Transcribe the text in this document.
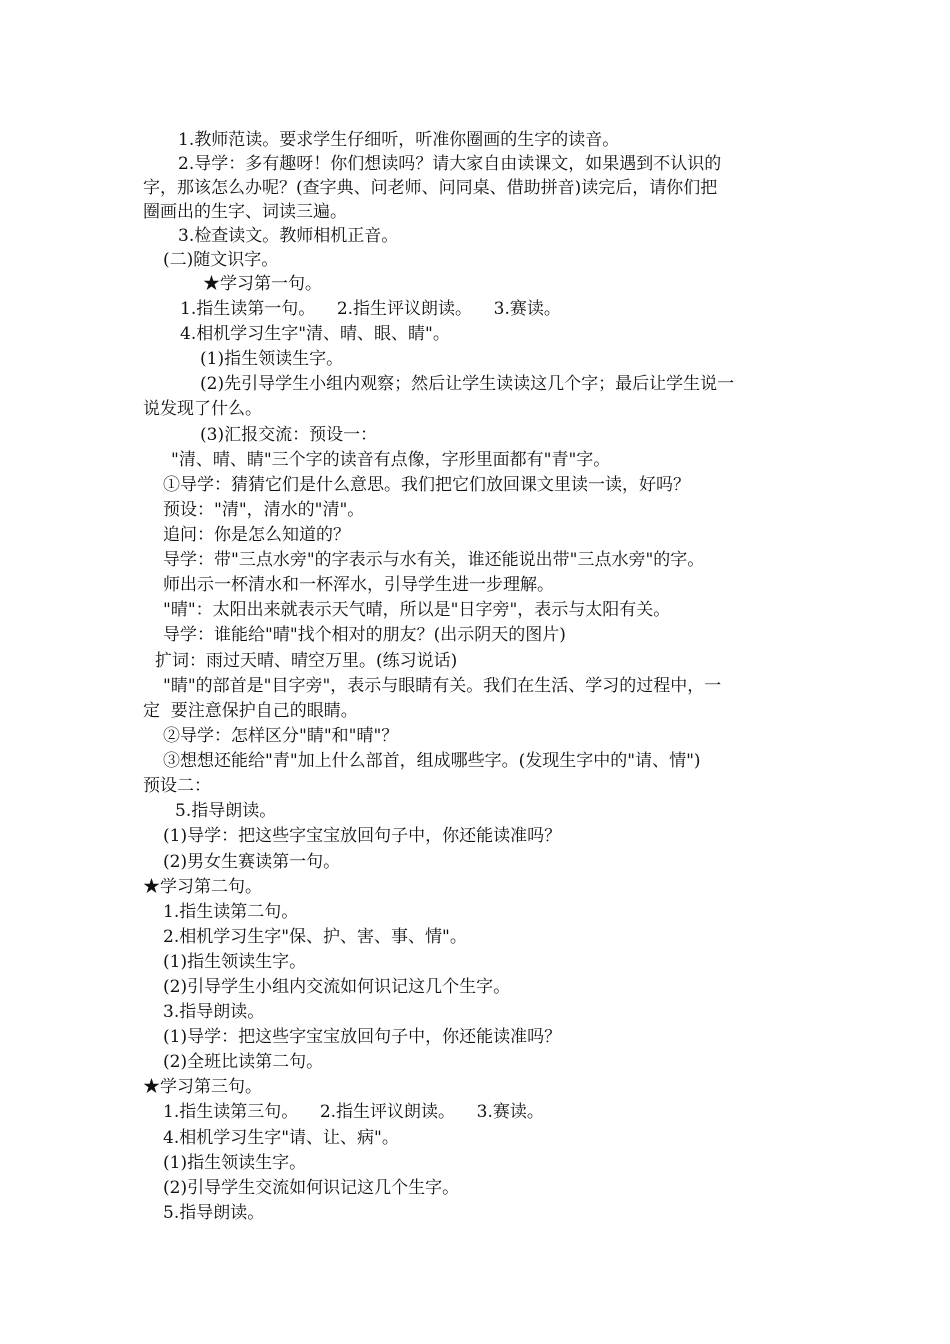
1.教师范读。要求学生仔细听，听准你圈画的生字的读音。
2.导学：多有趣呀！你们想读吗？请大家自由读课文，如果遇到不认识的
字，那该怎么办呢？(查字典、问老师、问同桌、借助拼音)读完后，请你们把
圈画出的生字、词读三遍。
3.检查读文。教师相机正音。
(二)随文识字。
★学习第一句。
1.指生读第一句。    2.指生评议朗读。    3.赛读。
4.相机学习生字"清、晴、眼、睛"。
(1)指生领读生字。
(2)先引导学生小组内观察；然后让学生读读这几个字；最后让学生说一
说发现了什么。
(3)汇报交流：预设一：
"清、晴、睛"三个字的读音有点像，字形里面都有"青"字。
①导学：猜猜它们是什么意思。我们把它们放回课文里读一读，好吗？
预设："清"，清水的"清"。
追问：你是怎么知道的？
导学：带"三点水旁"的字表示与水有关，谁还能说出带"三点水旁"的字。
师出示一杯清水和一杯浑水，引导学生进一步理解。
"晴"：太阳出来就表示天气晴，所以是"日字旁"，表示与太阳有关。
导学：谁能给"晴"找个相对的朋友？(出示阴天的图片)
扩词：雨过天晴、晴空万里。(练习说话)
"睛"的部首是"目字旁"，表示与眼睛有关。我们在生活、学习的过程中，一
定  要注意保护自己的眼睛。
②导学：怎样区分"睛"和"晴"？
③想想还能给"青"加上什么部首，组成哪些字。(发现生字中的"请、情")
预设二：
5.指导朗读。
(1)导学：把这些字宝宝放回句子中，你还能读准吗？
(2)男女生赛读第一句。
★学习第二句。
1.指生读第二句。
2.相机学习生字"保、护、害、事、情"。
(1)指生领读生字。
(2)引导学生小组内交流如何识记这几个生字。
3.指导朗读。
(1)导学：把这些字宝宝放回句子中，你还能读准吗？
(2)全班比读第二句。
★学习第三句。
1.指生读第三句。    2.指生评议朗读。    3.赛读。
4.相机学习生字"请、让、病"。
(1)指生领读生字。
(2)引导学生交流如何识记这几个生字。
5.指导朗读。
